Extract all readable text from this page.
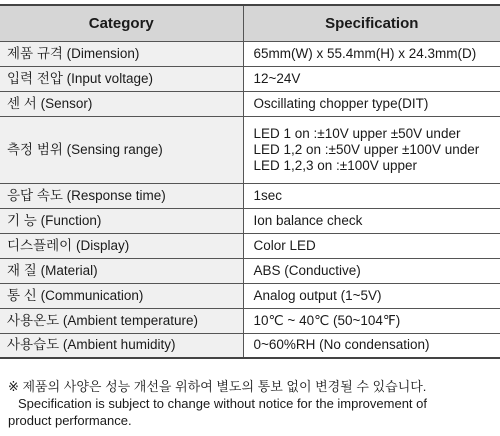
Category	Specification
제품 규격 (Dimension)	65mm(W) x 55.4mm(H) x 24.3mm(D)
입력 전압 (Input voltage)	12~24V
센 서 (Sensor)	Oscillating chopper type(DIT)
측정 범위 (Sensing range)	LED 1 on :±10V upper ±50V under
LED 1,2 on :±50V upper ±100V under
LED 1,2,3 on :±100V upper

응답 속도 (Response time)	1sec
기 능 (Function)	Ion balance check
디스플레이 (Display)	Color LED
재 질 (Material)	ABS (Conductive)
통 신 (Communication)	Analog output (1~5V)
사용온도 (Ambient temperature)	10℃ ~ 40℃ (50~104℉)
사용습도 (Ambient humidity)	0~60%RH (No condensation)
※ 제품의 사양은 성능 개선을 위하여 별도의 통보 없이 변경될 수 있습니다.
Specification is subject to change without notice for the improvement of
product performance.
